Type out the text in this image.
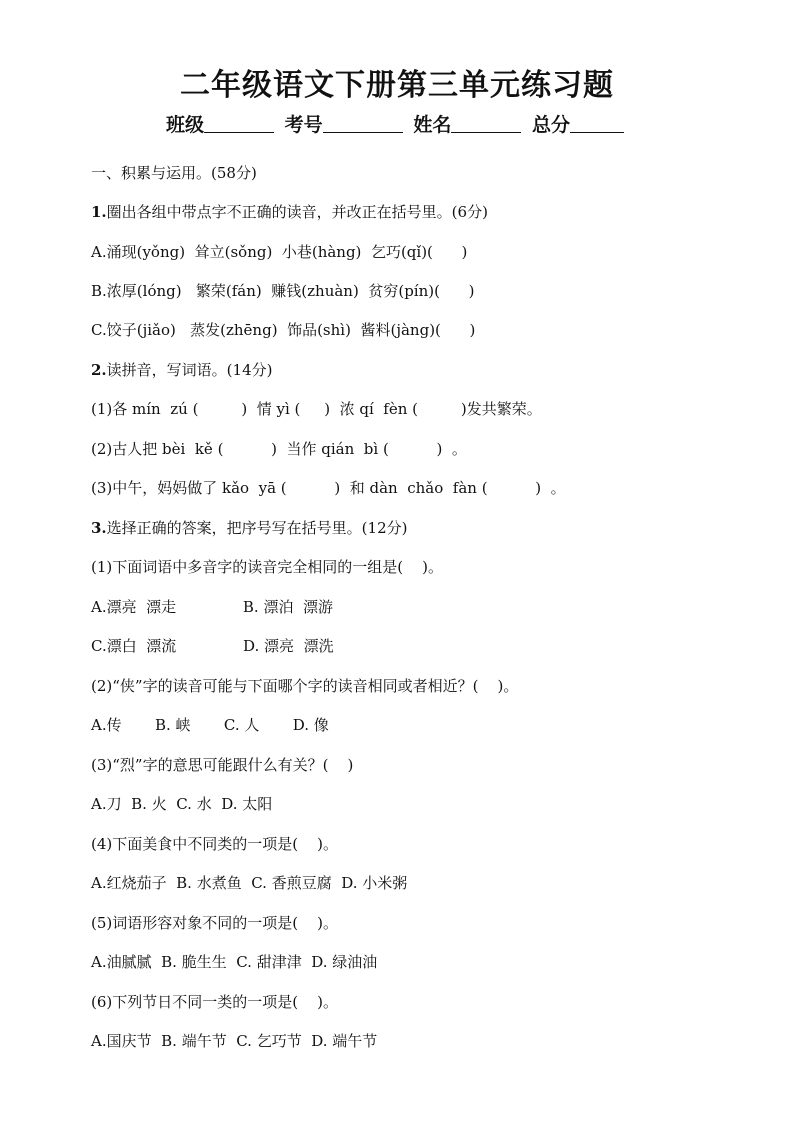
二年级语文下册第三单元练习题
班级	考号	姓名	总分
一、积累与运用。(58分)
1.圈出各组中带点字不正确的读音，并改正在括号里。(6分)
A.涌现(yǒng)  耸立(sǒng)  小巷(hàng)  乞巧(qǐ)(      )
B.浓厚(lóng)   繁荣(fán)  赚钱(zhuàn)  贫穷(pín)(      )
C.饺子(jiǎo)   蒸发(zhēng)  饰品(shì)  酱料(jàng)(      )
2.读拼音，写词语。(14分)
(1)各 mín  zú (         )  情 yì (     )  浓 qí  fèn (         )发共繁荣。
(2)古人把 bèi  kě (          )  当作 qián  bì (          )  。
(3)中午，妈妈做了 kǎo  yā (          )  和 dàn  chǎo  fàn (          )  。
3.选择正确的答案，把序号写在括号里。(12分)
(1)下面词语中多音字的读音完全相同的一组是(    )。
A.漂亮  漂走              B. 漂泊  漂游
C.漂白  漂流              D. 漂亮  漂洗
(2)“侠”字的读音可能与下面哪个字的读音相同或者相近？(    )。
A.传       B. 峡       C. 人       D. 像
(3)“烈”字的意思可能跟什么有关？(    )
A.刀  B. 火  C. 水  D. 太阳
(4)下面美食中不同类的一项是(    )。
A.红烧茄子  B. 水煮鱼  C. 香煎豆腐  D. 小米粥
(5)词语形容对象不同的一项是(    )。
A.油腻腻  B. 脆生生  C. 甜津津  D. 绿油油
(6)下列节日不同一类的一项是(    )。
A.国庆节  B. 端午节  C. 乞巧节  D. 端午节
